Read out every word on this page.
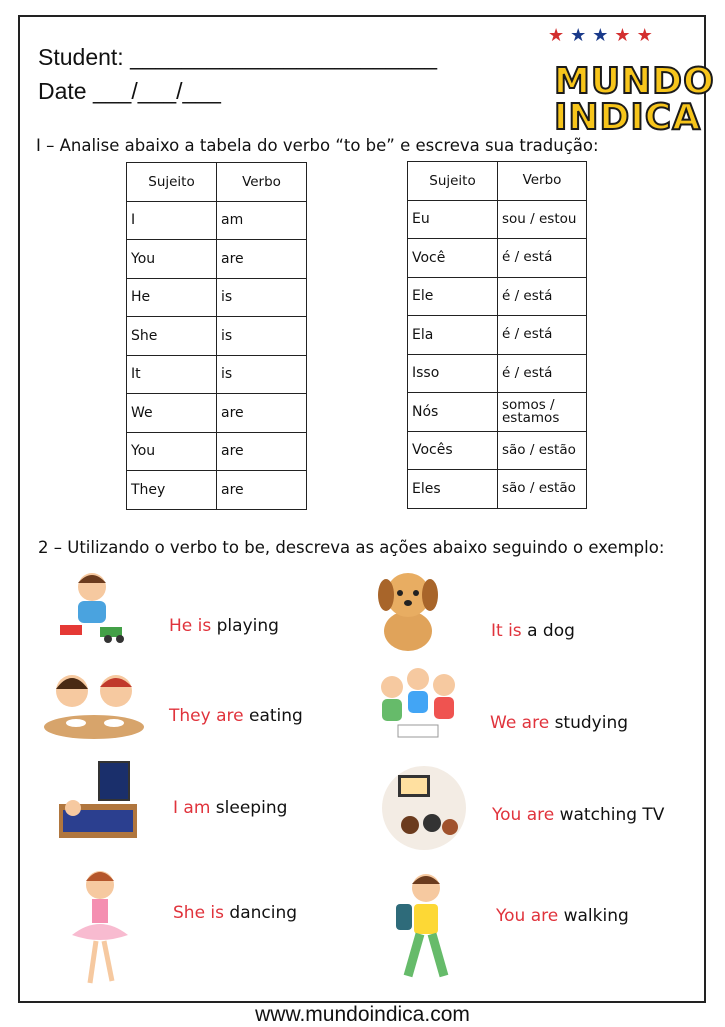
Student: ________________________
Date ___/___/___
★★★★★
MUNDO
INDICA
I – Analise abaixo a tabela do verbo “to be” e escreva sua tradução:
Sujeito	Verbo
I	am
You	are
He	is
She	is
It	is
We	are
You	are
They	are
Sujeito	Verbo
Eu	sou / estou
Você	é / está
Ele	é / está
Ela	é / está
Isso	é / está
Nós	somos / estamos
Vocês	são / estão
Eles	são / estão
2 – Utilizando o verbo to be, descreva as ações abaixo seguindo o exemplo:
He is playing	It is a dog
They are eating	We are studying
I am sleeping	You are watching TV
She is dancing	You are walking
www.mundoindica.com
